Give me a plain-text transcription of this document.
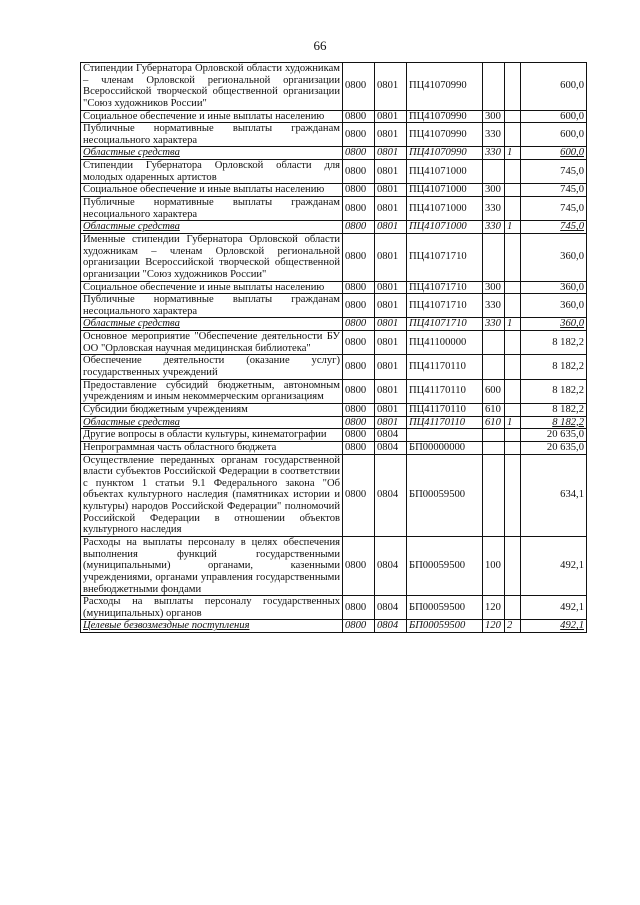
66
Стипендии Губернатора Орловской области художникам – членам Орловской региональной организации Всероссийской творческой общественной организации "Союз художников России"	0800	0801	ПЦ41070990			600,0
Социальное обеспечение и иные выплаты населению	0800	0801	ПЦ41070990	300		600,0
Публичные нормативные выплаты гражданам несоциального характера	0800	0801	ПЦ41070990	330		600,0
Областные средства	0800	0801	ПЦ41070990	330	1	600,0
Стипендии Губернатора Орловской области для молодых одаренных артистов	0800	0801	ПЦ41071000			745,0
Социальное обеспечение и иные выплаты населению	0800	0801	ПЦ41071000	300		745,0
Публичные нормативные выплаты гражданам несоциального характера	0800	0801	ПЦ41071000	330		745,0
Областные средства	0800	0801	ПЦ41071000	330	1	745,0
Именные стипендии Губернатора Орловской области художникам – членам Орловской региональной организации Всероссийской творческой общественной организации "Союз художников России"	0800	0801	ПЦ41071710			360,0
Социальное обеспечение и иные выплаты населению	0800	0801	ПЦ41071710	300		360,0
Публичные нормативные выплаты гражданам несоциального характера	0800	0801	ПЦ41071710	330		360,0
Областные средства	0800	0801	ПЦ41071710	330	1	360,0
Основное мероприятие "Обеспечение деятельности БУ ОО "Орловская научная медицинская библиотека"	0800	0801	ПЦ41100000			8 182,2
Обеспечение деятельности (оказание услуг) государственных учреждений	0800	0801	ПЦ41170110			8 182,2
Предоставление субсидий бюджетным, автономным учреждениям и иным некоммерческим организациям	0800	0801	ПЦ41170110	600		8 182,2
Субсидии бюджетным учреждениям	0800	0801	ПЦ41170110	610		8 182,2
Областные средства	0800	0801	ПЦ41170110	610	1	8 182,2
Другие вопросы в области культуры, кинематографии	0800	0804				20 635,0
Непрограммная часть областного бюджета	0800	0804	БП00000000			20 635,0
Осуществление переданных органам государственной власти субъектов Российской Федерации в соответствии с пунктом 1 статьи 9.1 Федерального закона "Об объектах культурного наследия (памятниках истории и культуры) народов Российской Федерации" полномочий Российской Федерации в отношении объектов культурного наследия	0800	0804	БП00059500			634,1
Расходы на выплаты персоналу в целях обеспечения выполнения функций государственными (муниципальными) органами, казенными учреждениями, органами управления государственными внебюджетными фондами	0800	0804	БП00059500	100		492,1
Расходы на выплаты персоналу государственных (муниципальных) органов	0800	0804	БП00059500	120		492,1
Целевые безвозмездные поступления	0800	0804	БП00059500	120	2	492,1
